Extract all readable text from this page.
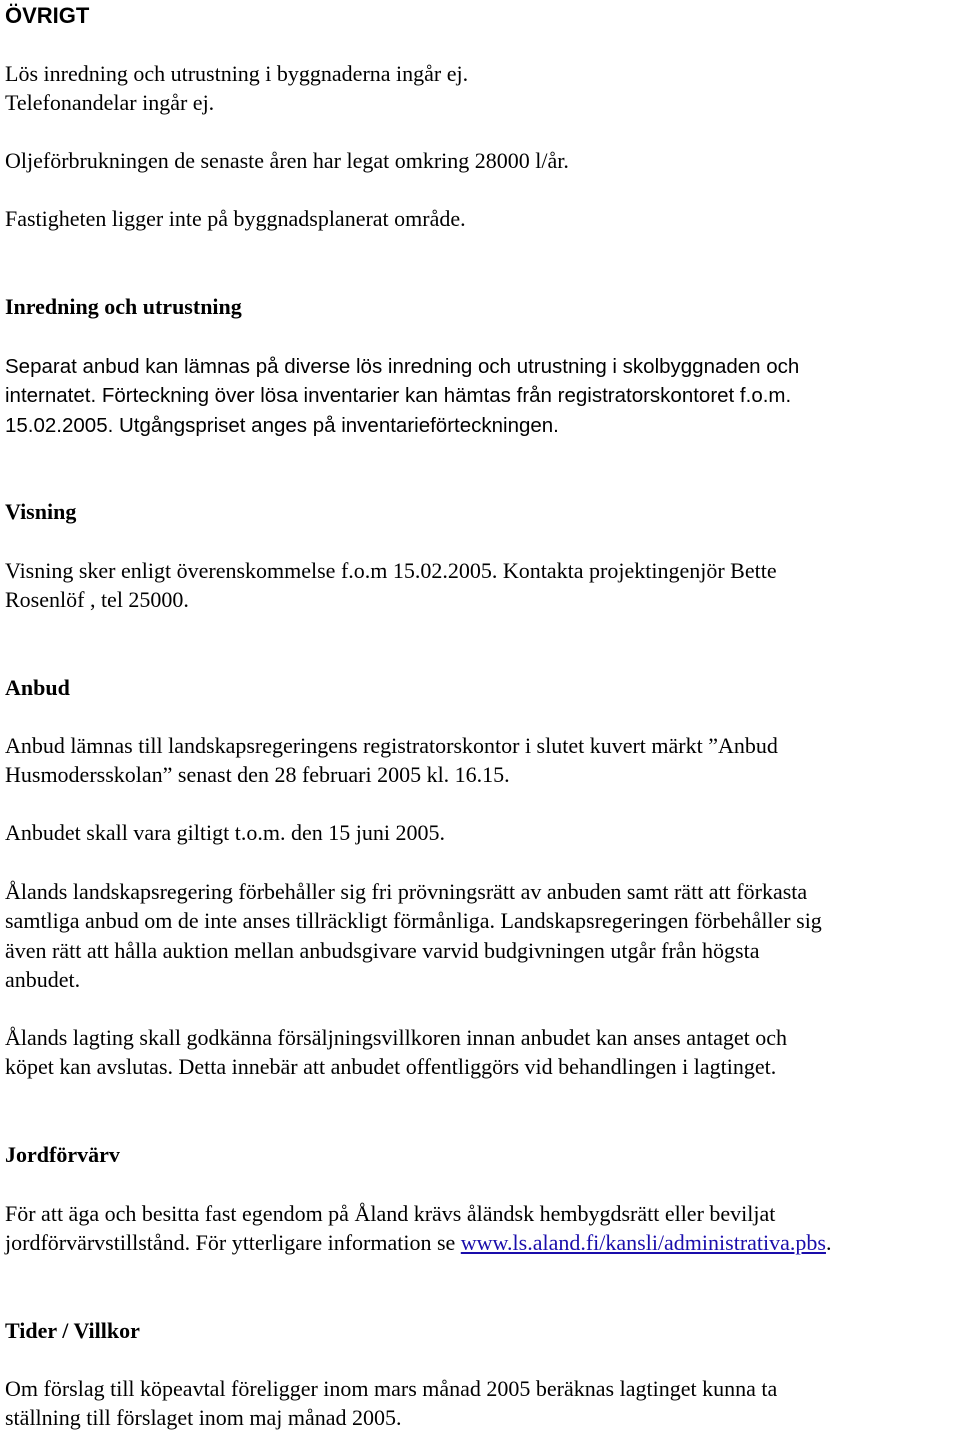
ÖVRIGT

Lös inredning och utrustning i byggnaderna ingår ej.
Telefonandelar ingår ej.

Oljeförbrukningen de senaste åren har legat omkring 28000 l/år.

Fastigheten ligger inte på byggnadsplanerat område.

Inredning och utrustning

Separat anbud kan lämnas på diverse lös inredning och utrustning i skolbyggnaden och
internatet. Förteckning över lösa inventarier kan hämtas från registratorskontoret f.o.m.
15.02.2005. Utgångspriset anges på inventarieförteckningen.

Visning

Visning sker enligt överenskommelse f.o.m 15.02.2005. Kontakta projektingenjör Bette
Rosenlöf , tel 25000.

Anbud

Anbud lämnas till landskapsregeringens registratorskontor i slutet kuvert märkt ”Anbud
Husmodersskolan” senast den 28 februari 2005 kl. 16.15.

Anbudet skall vara giltigt t.o.m. den 15 juni 2005.

Ålands landskapsregering förbehåller sig fri prövningsrätt av anbuden samt rätt att förkasta
samtliga anbud om de inte anses tillräckligt förmånliga. Landskapsregeringen förbehåller sig
även rätt att hålla auktion mellan anbudsgivare varvid budgivningen utgår från högsta
anbudet.

Ålands lagting skall godkänna försäljningsvillkoren innan anbudet kan anses antaget och
köpet kan avslutas. Detta innebär att anbudet offentliggörs vid behandlingen i lagtinget.

Jordförvärv

För att äga och besitta fast egendom på Åland krävs åländsk hembygdsrätt eller beviljat
jordförvärvstillstånd. För ytterligare information se www.ls.aland.fi/kansli/administrativa.pbs.

Tider / Villkor

Om förslag till köpeavtal föreligger inom mars månad 2005 beräknas lagtinget kunna ta
ställning till förslaget inom maj månad 2005.
